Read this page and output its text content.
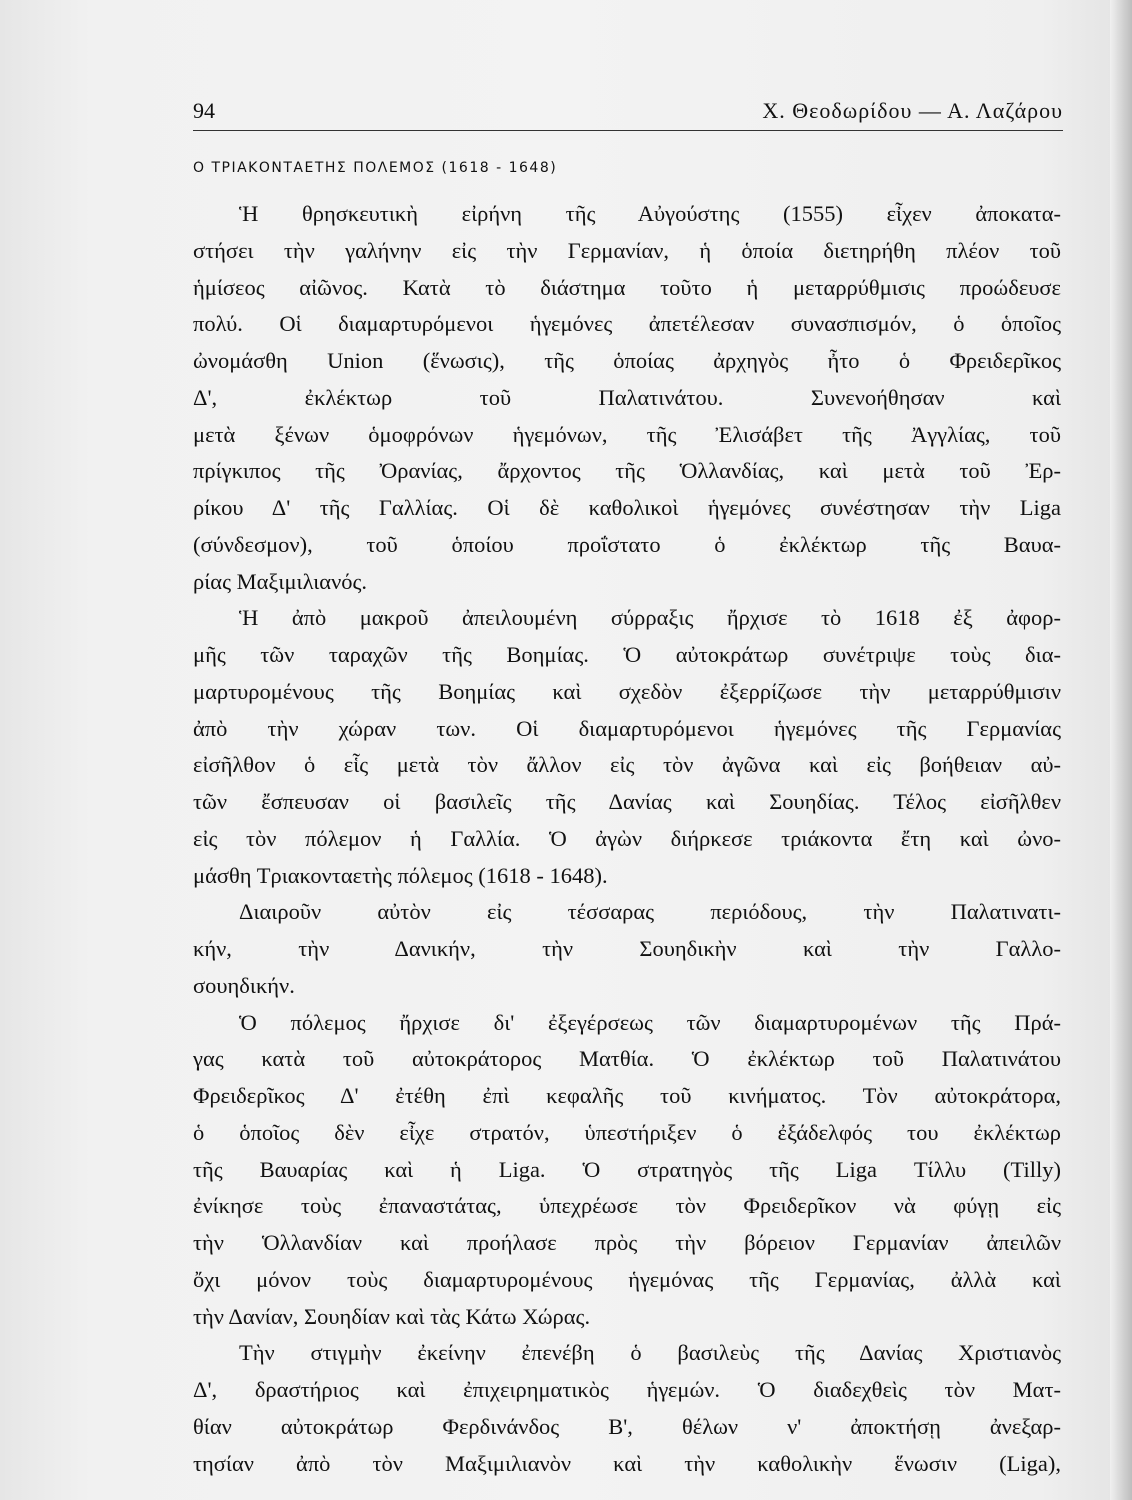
94	Χ. Θεοδωρίδου — Α. Λαζάρου
Ο ΤΡΙΑΚΟΝΤΑΕΤΗΣ ΠΟΛΕΜΟΣ (1618 - 1648)
Ἡ θρησκευτικὴ εἰρήνη τῆς Αὐγούστης (1555) εἶχεν ἀποκατα-
στήσει τὴν γαλήνην εἰς τὴν Γερμανίαν, ἡ ὁποία διετηρήθη πλέον τοῦ
ἡμίσεος αἰῶνος. Κατὰ τὸ διάστημα τοῦτο ἡ μεταρρύθμισις προώδευσε
πολύ. Οἱ διαμαρτυρόμενοι ἡγεμόνες ἀπετέλεσαν συνασπισμόν, ὁ ὁποῖος
ὠνομάσθη Union (ἕνωσις), τῆς ὁποίας ἀρχηγὸς ἦτο ὁ Φρειδερῖκος
Δ', ἐκλέκτωρ τοῦ Παλατινάτου. Συνενοήθησαν καὶ
μετὰ ξένων ὁμοφρόνων ἡγεμόνων, τῆς Ἐλισάβετ τῆς Ἀγγλίας, τοῦ
πρίγκιπος τῆς Ὀρανίας, ἄρχοντος τῆς Ὁλλανδίας, καὶ μετὰ τοῦ Ἐρ-
ρίκου Δ' τῆς Γαλλίας. Οἱ δὲ καθολικοὶ ἡγεμόνες συνέστησαν τὴν Liga
(σύνδεσμον), τοῦ ὁποίου προΐστατο ὁ ἐκλέκτωρ τῆς Βαυα-
ρίας Μαξιμιλιανός.
Ἡ ἀπὸ μακροῦ ἀπειλουμένη σύρραξις ἤρχισε τὸ 1618 ἐξ ἀφορ-
μῆς τῶν ταραχῶν τῆς Βοημίας. Ὁ αὐτοκράτωρ συνέτριψε τοὺς δια-
μαρτυρομένους τῆς Βοημίας καὶ σχεδὸν ἐξερρίζωσε τὴν μεταρρύθμισιν
ἀπὸ τὴν χώραν των. Οἱ διαμαρτυρόμενοι ἡγεμόνες τῆς Γερμανίας
εἰσῆλθον ὁ εἷς μετὰ τὸν ἄλλον εἰς τὸν ἀγῶνα καὶ εἰς βοήθειαν αὐ-
τῶν ἔσπευσαν οἱ βασιλεῖς τῆς Δανίας καὶ Σουηδίας. Τέλος εἰσῆλθεν
εἰς τὸν πόλεμον ἡ Γαλλία. Ὁ ἀγὼν διήρκεσε τριάκοντα ἔτη καὶ ὠνο-
μάσθη Τριακονταετὴς πόλεμος (1618 - 1648).
Διαιροῦν αὐτὸν εἰς τέσσαρας περιόδους, τὴν Παλατινατι-
κήν, τὴν Δανικήν, τὴν Σουηδικὴν καὶ τὴν Γαλλο-
σουηδικήν.
Ὁ πόλεμος ἤρχισε δι' ἐξεγέρσεως τῶν διαμαρτυρομένων τῆς Πρά-
γας κατὰ τοῦ αὐτοκράτορος Ματθία. Ὁ ἐκλέκτωρ τοῦ Παλατινάτου
Φρειδερῖκος Δ' ἐτέθη ἐπὶ κεφαλῆς τοῦ κινήματος. Τὸν αὐτοκράτορα,
ὁ ὁποῖος δὲν εἶχε στρατόν, ὑπεστήριξεν ὁ ἐξάδελφός του ἐκλέκτωρ
τῆς Βαυαρίας καὶ ἡ Liga. Ὁ στρατηγὸς τῆς Liga Τίλλυ (Tilly)
ἐνίκησε τοὺς ἐπαναστάτας, ὑπεχρέωσε τὸν Φρειδερῖκον νὰ φύγῃ εἰς
τὴν Ὁλλανδίαν καὶ προήλασε πρὸς τὴν βόρειον Γερμανίαν ἀπειλῶν
ὄχι μόνον τοὺς διαμαρτυρομένους ἡγεμόνας τῆς Γερμανίας, ἀλλὰ καὶ
τὴν Δανίαν, Σουηδίαν καὶ τὰς Κάτω Χώρας.
Τὴν στιγμὴν ἐκείνην ἐπενέβη ὁ βασιλεὺς τῆς Δανίας Χριστιανὸς
Δ', δραστήριος καὶ ἐπιχειρηματικὸς ἡγεμών. Ὁ διαδεχθεὶς τὸν Ματ-
θίαν αὐτοκράτωρ Φερδινάνδος Β', θέλων ν' ἀποκτήσῃ ἀνεξαρ-
τησίαν ἀπὸ τὸν Μαξιμιλιανὸν καὶ τὴν καθολικὴν ἕνωσιν (Liga),
